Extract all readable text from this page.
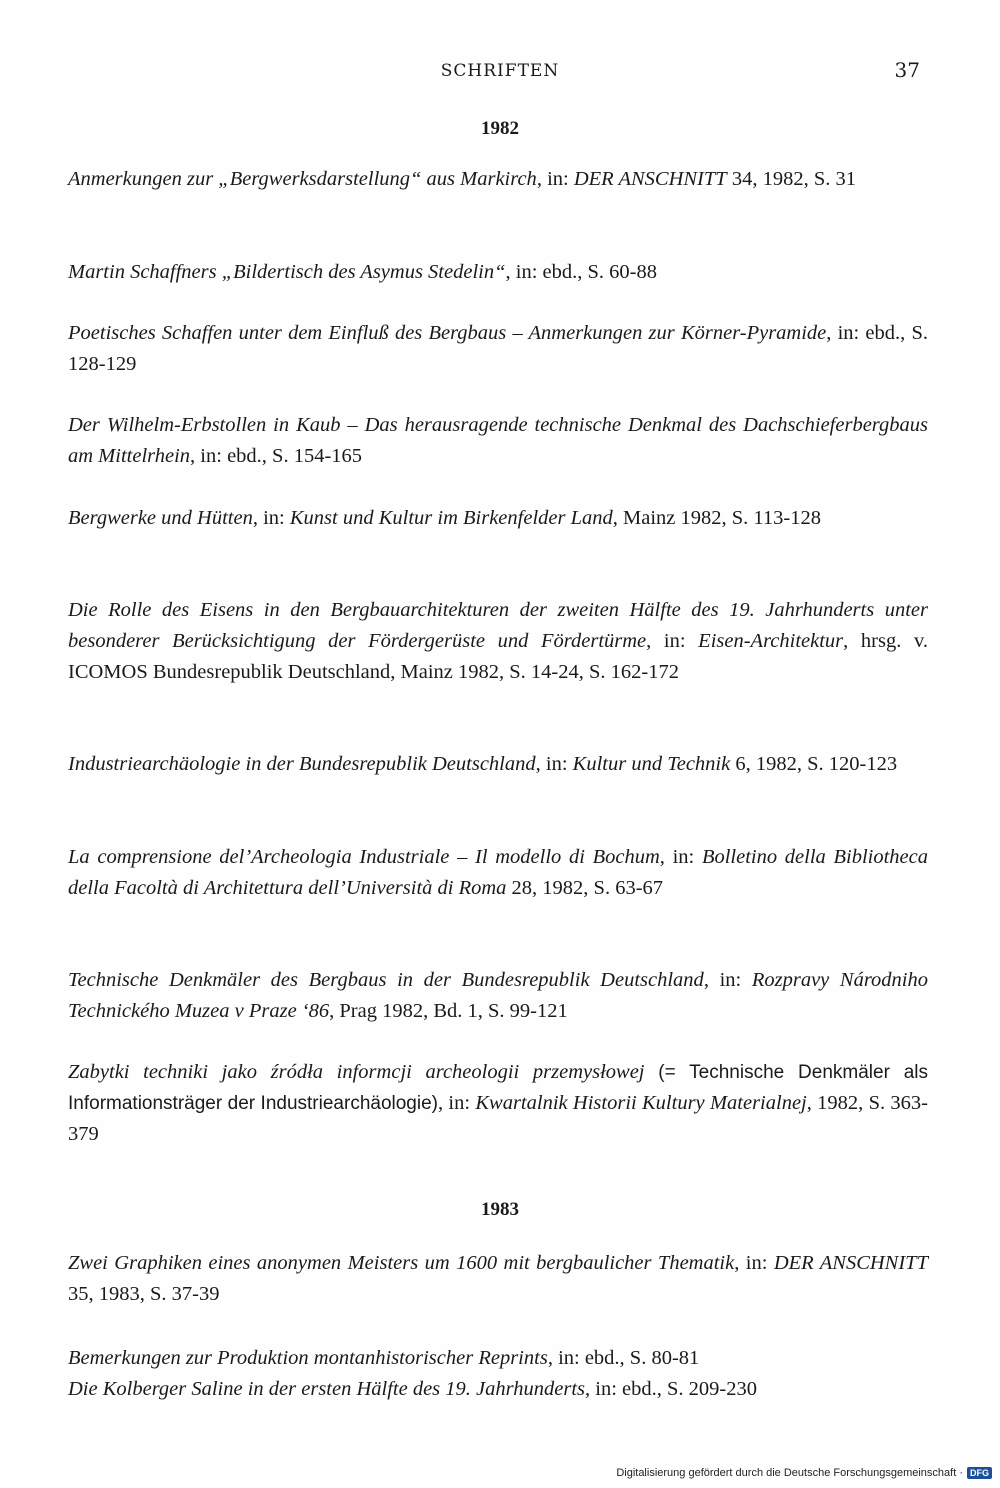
SCHRIFTEN	37
1982
Anmerkungen zur „Bergwerksdarstellung“ aus Markirch, in: DER ANSCHNITT 34, 1982, S. 31
Martin Schaffners „Bildertisch des Asymus Stedelin“, in: ebd., S. 60-88
Poetisches Schaffen unter dem Einfluß des Bergbaus – Anmerkungen zur Körner-Pyramide, in: ebd., S. 128-129
Der Wilhelm-Erbstollen in Kaub – Das herausragende technische Denkmal des Dachschieferbergbaus am Mittelrhein, in: ebd., S. 154-165
Bergwerke und Hütten, in: Kunst und Kultur im Birkenfelder Land, Mainz 1982, S. 113-128
Die Rolle des Eisens in den Bergbauarchitekturen der zweiten Hälfte des 19. Jahrhunderts unter besonderer Berücksichtigung der Fördergerüste und Fördertürme, in: Eisen-Architektur, hrsg. v. ICOMOS Bundesrepublik Deutschland, Mainz 1982, S. 14-24, S. 162-172
Industriearchäologie in der Bundesrepublik Deutschland, in: Kultur und Technik 6, 1982, S. 120-123
La comprensione del’Archeologia Industriale – Il modello di Bochum, in: Bolletino della Bibliotheca della Facoltà di Architettura dell’Università di Roma 28, 1982, S. 63-67
Technische Denkmäler des Bergbaus in der Bundesrepublik Deutschland, in: Rozpravy Národniho Technického Muzea v Praze ‘86, Prag 1982, Bd. 1, S. 99-121
Zabytki techniki jako źródła informcji archeologii przemysłowej (= Technische Denkmäler als Informationsträger der Industriearchäologie), in: Kwartalnik Historii Kultury Materialnej, 1982, S. 363-379
1983
Zwei Graphiken eines anonymen Meisters um 1600 mit bergbaulicher Thematik, in: DER ANSCHNITT 35, 1983, S. 37-39
Bemerkungen zur Produktion montanhistorischer Reprints, in: ebd., S. 80-81
Die Kolberger Saline in der ersten Hälfte des 19. Jahrhunderts, in: ebd., S. 209-230
Digitalisierung gefördert durch die Deutsche Forschungsgemeinschaft · DFG
